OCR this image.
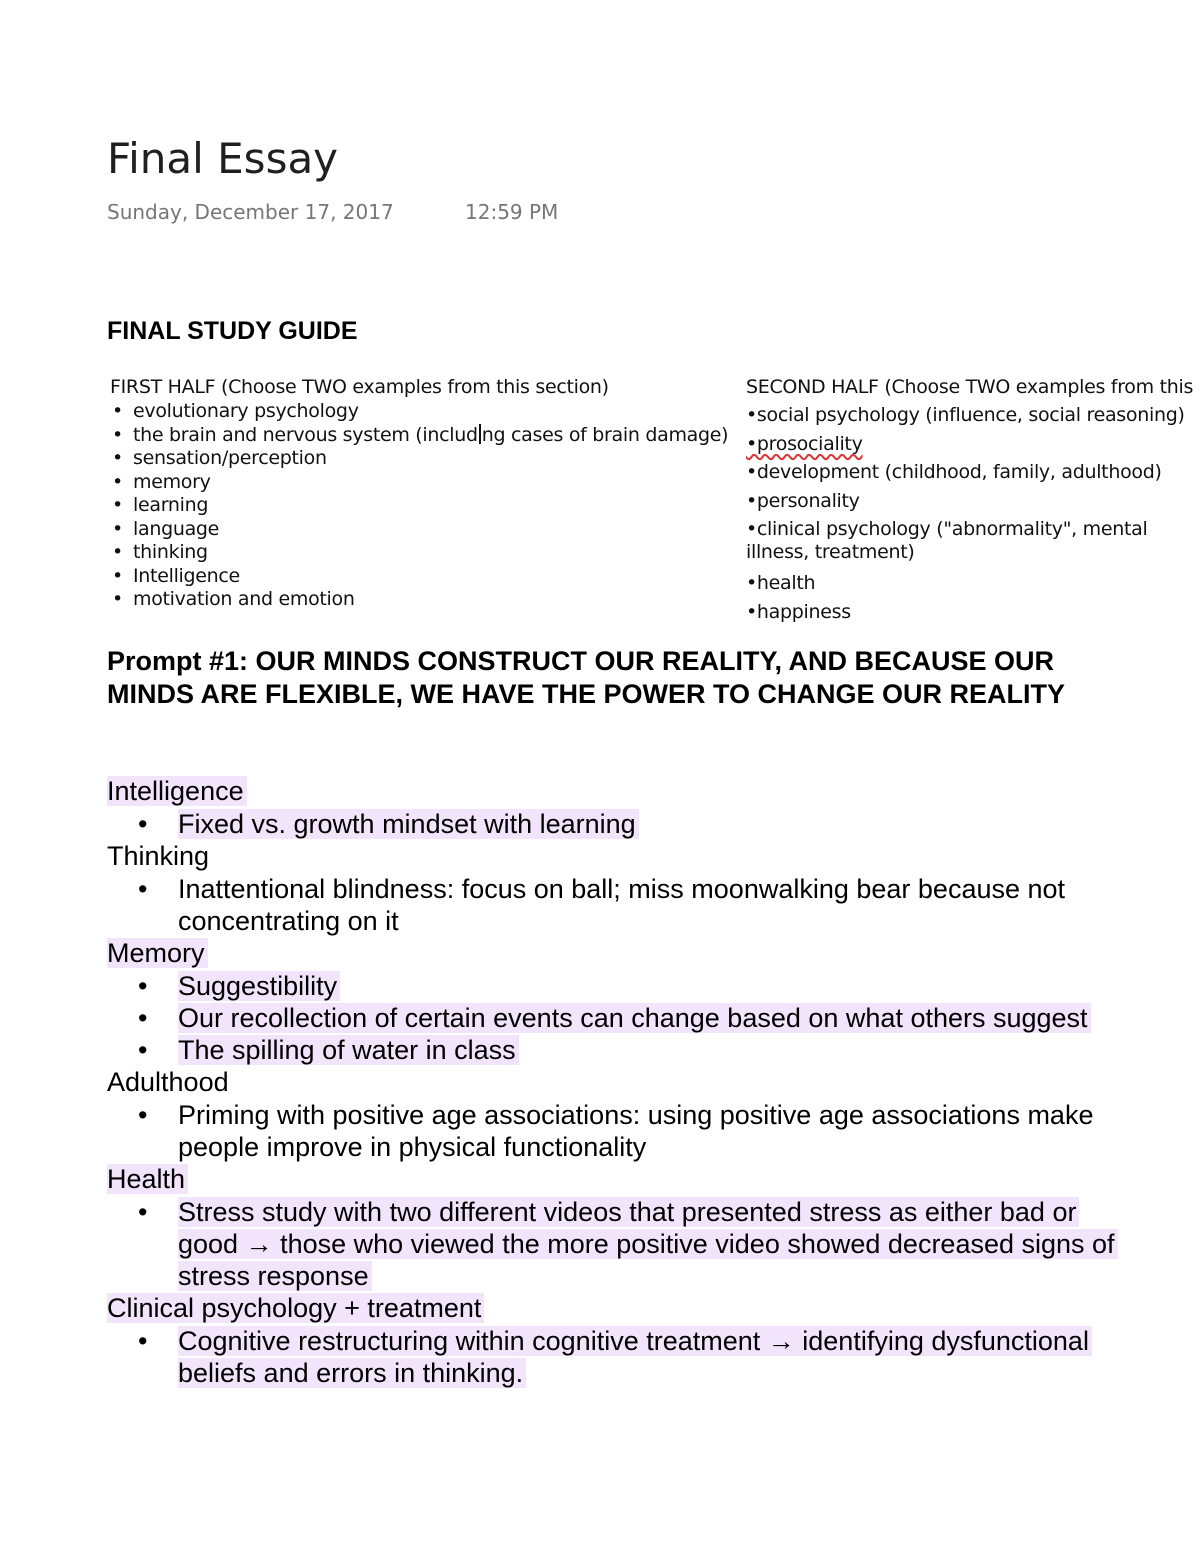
Final Essay
Sunday, December 17, 2017	12:59 PM
FINAL STUDY GUIDE
FIRST HALF (Choose TWO examples from this section)
• evolutionary psychology
• the brain and nervous system (includ ng cases of brain damage)
• sensation/perception
• memory
• learning
• language
• thinking
• Intelligence
• motivation and emotion
SECOND HALF (Choose TWO examples from this
•social psychology (influence, social reasoning)
•prosociality
•development (childhood, family, adulthood)
•personality
•clinical psychology ("abnormality", mental illness, treatment)
•health
•happiness
Prompt #1: OUR MINDS CONSTRUCT OUR REALITY, AND BECAUSE OUR MINDS ARE FLEXIBLE, WE HAVE THE POWER TO CHANGE OUR REALITY
Intelligence
• Fixed vs. growth mindset with learning
Thinking
• Inattentional blindness: focus on ball; miss moonwalking bear because not concentrating on it
Memory
• Suggestibility
• Our recollection of certain events can change based on what others suggest
• The spilling of water in class
Adulthood
• Priming with positive age associations: using positive age associations make people improve in physical functionality
Health
• Stress study with two different videos that presented stress as either bad or good → those who viewed the more positive video showed decreased signs of stress response
Clinical psychology + treatment
• Cognitive restructuring within cognitive treatment → identifying dysfunctional beliefs and errors in thinking.
